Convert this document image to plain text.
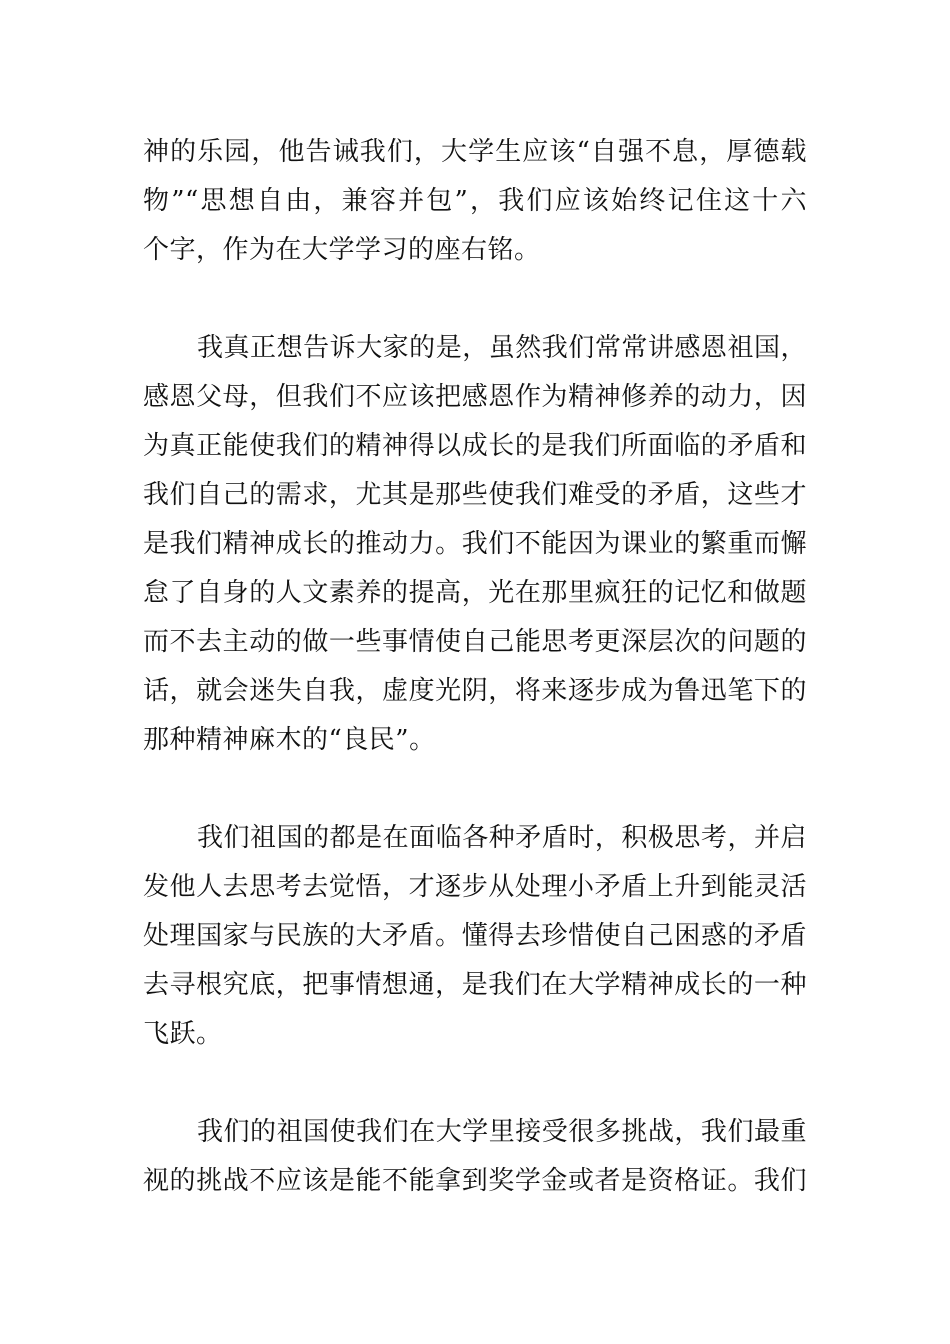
神的乐园，他告诫我们，大学生应该“自强不息，厚德载
物”“思想自由，兼容并包”，我们应该始终记住这十六
个字，作为在大学学习的座右铭。
我真正想告诉大家的是，虽然我们常常讲感恩祖国，
感恩父母，但我们不应该把感恩作为精神修养的动力，因
为真正能使我们的精神得以成长的是我们所面临的矛盾和
我们自己的需求，尤其是那些使我们难受的矛盾，这些才
是我们精神成长的推动力。我们不能因为课业的繁重而懈
怠了自身的人文素养的提高，光在那里疯狂的记忆和做题
而不去主动的做一些事情使自己能思考更深层次的问题的
话，就会迷失自我，虚度光阴，将来逐步成为鲁迅笔下的
那种精神麻木的“良民”。
我们祖国的都是在面临各种矛盾时，积极思考，并启
发他人去思考去觉悟，才逐步从处理小矛盾上升到能灵活
处理国家与民族的大矛盾。懂得去珍惜使自己困惑的矛盾
去寻根究底，把事情想通，是我们在大学精神成长的一种
飞跃。
我们的祖国使我们在大学里接受很多挑战，我们最重
视的挑战不应该是能不能拿到奖学金或者是资格证。我们
